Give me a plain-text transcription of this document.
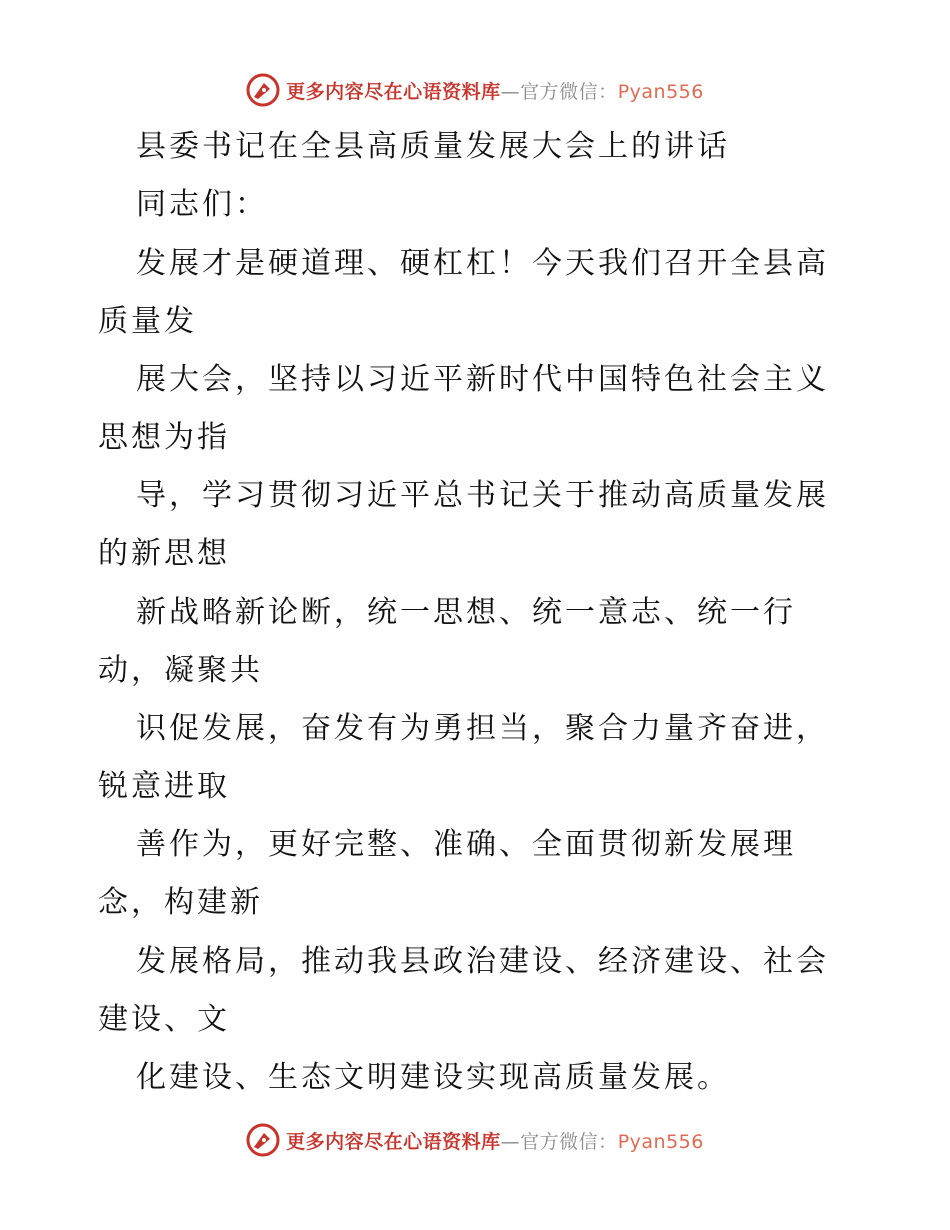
更多内容尽在心语资料库—官方微信：Pyan556
县委书记在全县高质量发展大会上的讲话
同志们：
发展才是硬道理、硬杠杠！今天我们召开全县高
质量发
展大会，坚持以习近平新时代中国特色社会主义
思想为指
导，学习贯彻习近平总书记关于推动高质量发展
的新思想
新战略新论断，统一思想、统一意志、统一行
动，凝聚共
识促发展，奋发有为勇担当，聚合力量齐奋进，
锐意进取
善作为，更好完整、准确、全面贯彻新发展理
念，构建新
发展格局，推动我县政治建设、经济建设、社会
建设、文
化建设、生态文明建设实现高质量发展。
更多内容尽在心语资料库—官方微信：Pyan556
